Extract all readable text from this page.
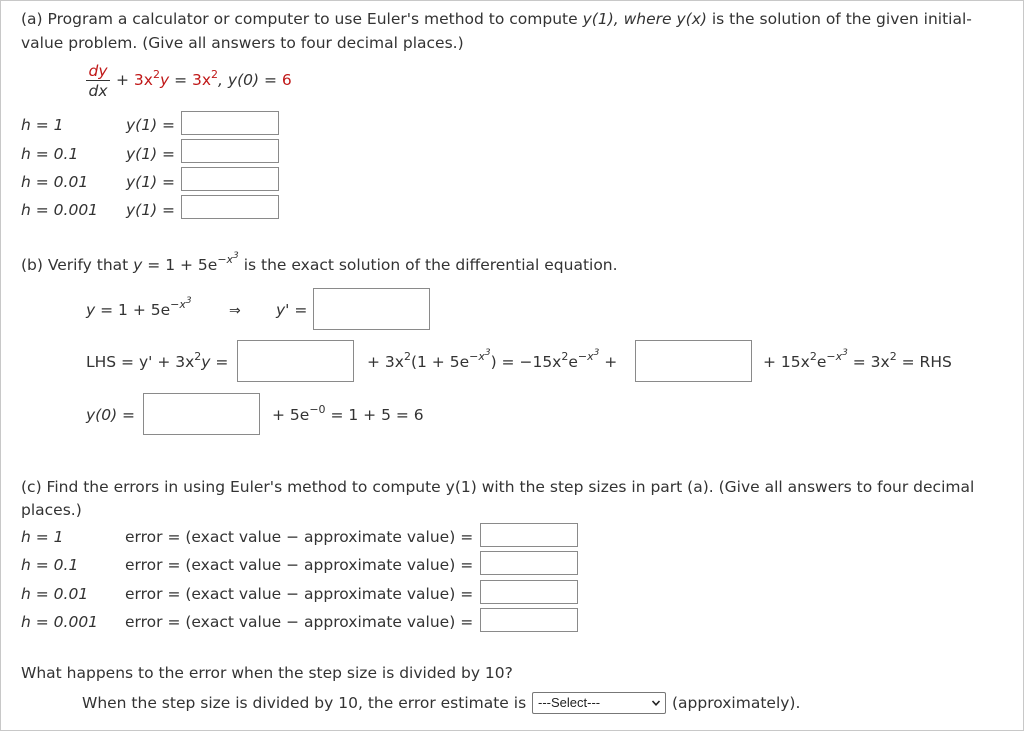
(a) Program a calculator or computer to use Euler's method to compute y(1), where y(x) is the solution of the given initial-
value problem. (Give all answers to four decimal places.)
dy
dx
+ $3x^2y = 3x^2$, y(0) = 6
h = 1	y(1) =
h = 0.1	y(1) =
h = 0.01 y(1) =
h = 0.001 y(1) =
(b) Verify that $y = 1 + 5e^{-x^3}$ is the exact solution of the differential equation.
$y = 1 + 5e^{-x^3}$
⇒ y' =
LHS = $y' + 3x^2y$ =	+ $3x^2(1 + 5e^{-x^3}) = -15x^2e^{-x^3}$ +	+ $15x^2e^{-x^3} = 3x^2$ = RHS
y(0) =	+ $5e^{-0} = 1 + 5 = 6$
(c) Find the errors in using Euler's method to compute y(1) with the step sizes in part (a). (Give all answers to four decimal
places.)
h = 1	error = (exact value − approximate value) =
h = 0.1	error = (exact value − approximate value) =
h = 0.01 error = (exact value − approximate value) =
h = 0.001 error = (exact value − approximate value) =
What happens to the error when the step size is divided by 10?
When the step size is divided by 10, the error estimate is ---Select---	(approximately).
